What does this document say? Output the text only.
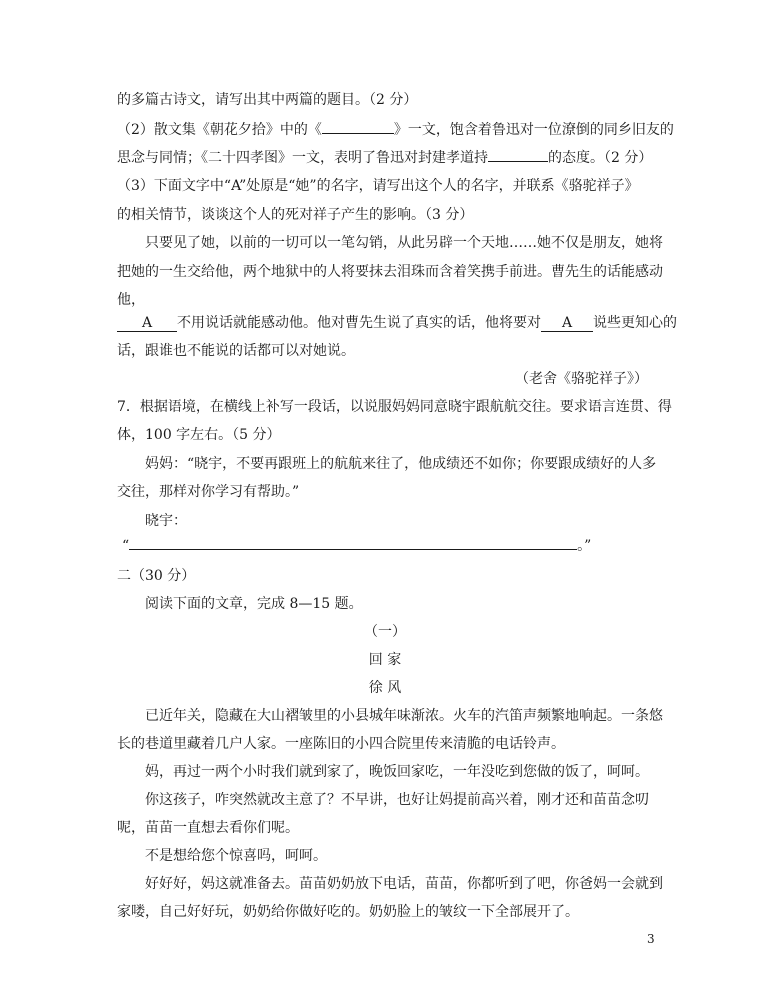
的多篇古诗文，请写出其中两篇的题目。（2 分）
（2）散文集《朝花夕拾》中的《	》一文，饱含着鲁迅对一位潦倒的同乡旧友的
思念与同情；《二十四孝图》一文，表明了鲁迅对封建孝道持	的态度。（2 分）
（3）下面文字中“A”处原是“她”的名字，请写出这个人的名字，并联系《骆驼祥子》
的相关情节，谈谈这个人的死对祥子产生的影响。（3 分）
只要见了她，以前的一切可以一笔勾销，从此另辟一个天地……她不仅是朋友，她将
把她的一生交给他，两个地狱中的人将要抹去泪珠而含着笑携手前进。曹先生的话能感动
他，
A 不用说话就能感动他。他对曹先生说了真实的话，他将要对 A 说些更知心的
话，跟谁也不能说的话都可以对她说。
（老舍《骆驼祥子》）
7．根据语境，在横线上补写一段话，以说服妈妈同意晓宇跟航航交往。要求语言连贯、得
体，100 字左右。（5 分）
妈妈：“晓宇，不要再跟班上的航航来往了，他成绩还不如你；你要跟成绩好的人多
交往，那样对你学习有帮助。”
晓宇：
“	。”
二（30 分）
阅读下面的文章，完成 8—15 题。
（一）
回 家
徐 风
已近年关，隐藏在大山褶皱里的小县城年味渐浓。火车的汽笛声频繁地响起。一条悠
长的巷道里藏着几户人家。一座陈旧的小四合院里传来清脆的电话铃声。
妈，再过一两个小时我们就到家了，晚饭回家吃，一年没吃到您做的饭了，呵呵。
你这孩子，咋突然就改主意了？不早讲，也好让妈提前高兴着，刚才还和苗苗念叨
呢，苗苗一直想去看你们呢。
不是想给您个惊喜吗，呵呵。
好好好，妈这就准备去。苗苗奶奶放下电话，苗苗，你都听到了吧，你爸妈一会就到
家喽，自己好好玩，奶奶给你做好吃的。奶奶脸上的皱纹一下全部展开了。
3
